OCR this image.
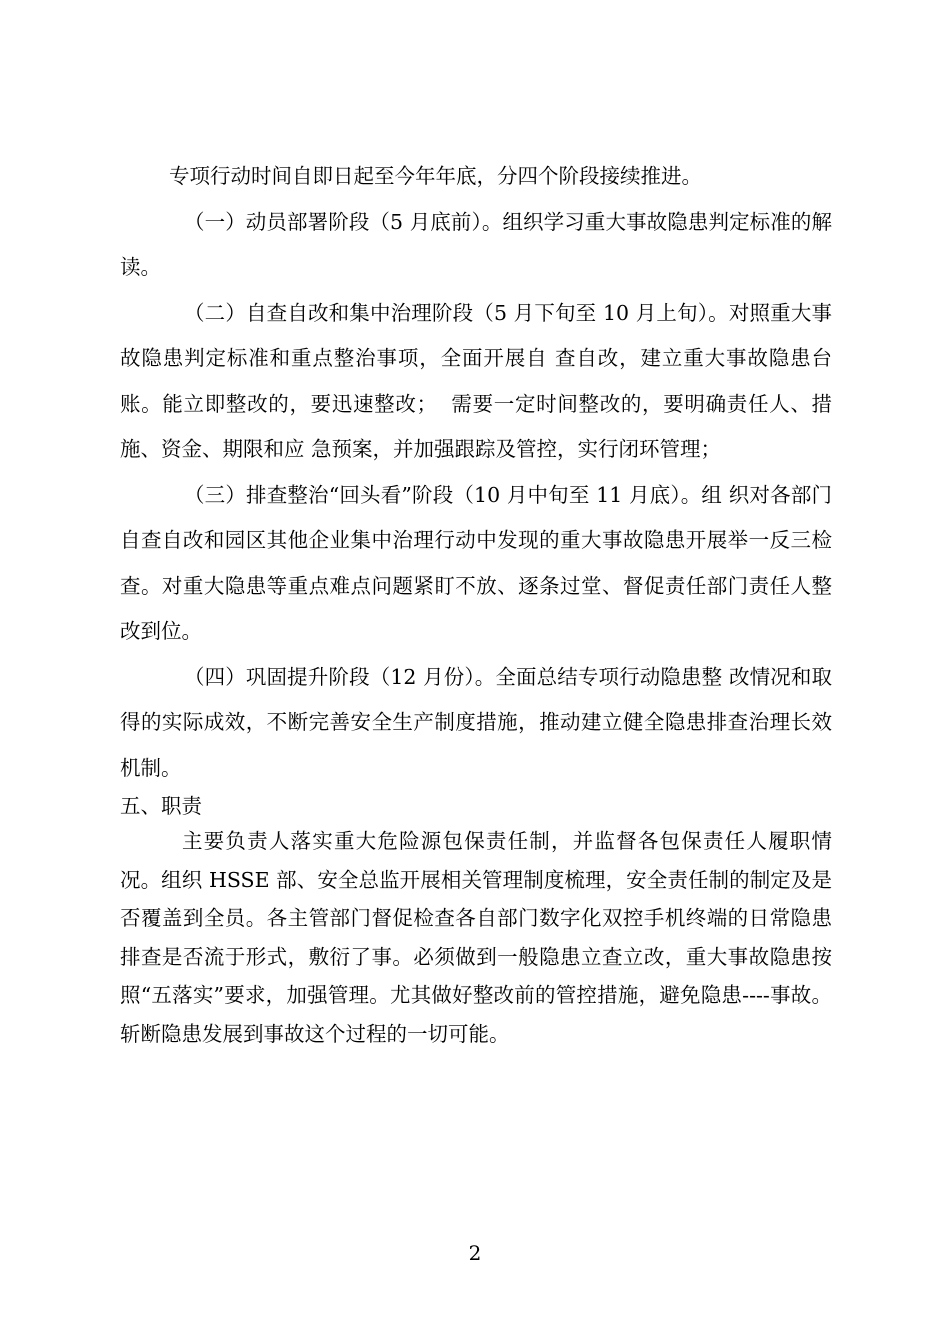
专项行动时间自即日起至今年年底，分四个阶段接续推进。

（一）动员部署阶段（5 月底前）。组织学习重大事故隐患判定标准的解读。

（二）自查自改和集中治理阶段（5 月下旬至 10 月上旬）。对照重大事故隐患判定标准和重点整治事项，全面开展自 查自改，建立重大事故隐患台账。能立即整改的，要迅速整改；  需要一定时间整改的，要明确责任人、措施、资金、期限和应 急预案，并加强跟踪及管控，实行闭环管理；

（三）排查整治“回头看”阶段（10 月中旬至 11 月底）。组 织对各部门自查自改和园区其他企业集中治理行动中发现的重大事故隐患开展举一反三检查。对重大隐患等重点难点问题紧盯不放、逐条过堂、督促责任部门责任人整改到位。

（四）巩固提升阶段（12 月份）。全面总结专项行动隐患整 改情况和取得的实际成效，不断完善安全生产制度措施，推动建立健全隐患排查治理长效机制。

五、职责

主要负责人落实重大危险源包保责任制，并监督各包保责任人履职情况。组织 HSSE 部、安全总监开展相关管理制度梳理，安全责任制的制定及是否覆盖到全员。各主管部门督促检查各自部门数字化双控手机终端的日常隐患排查是否流于形式，敷衍了事。必须做到一般隐患立查立改，重大事故隐患按照“五落实”要求，加强管理。尤其做好整改前的管控措施，避免隐患----事故。斩断隐患发展到事故这个过程的一切可能。

2
